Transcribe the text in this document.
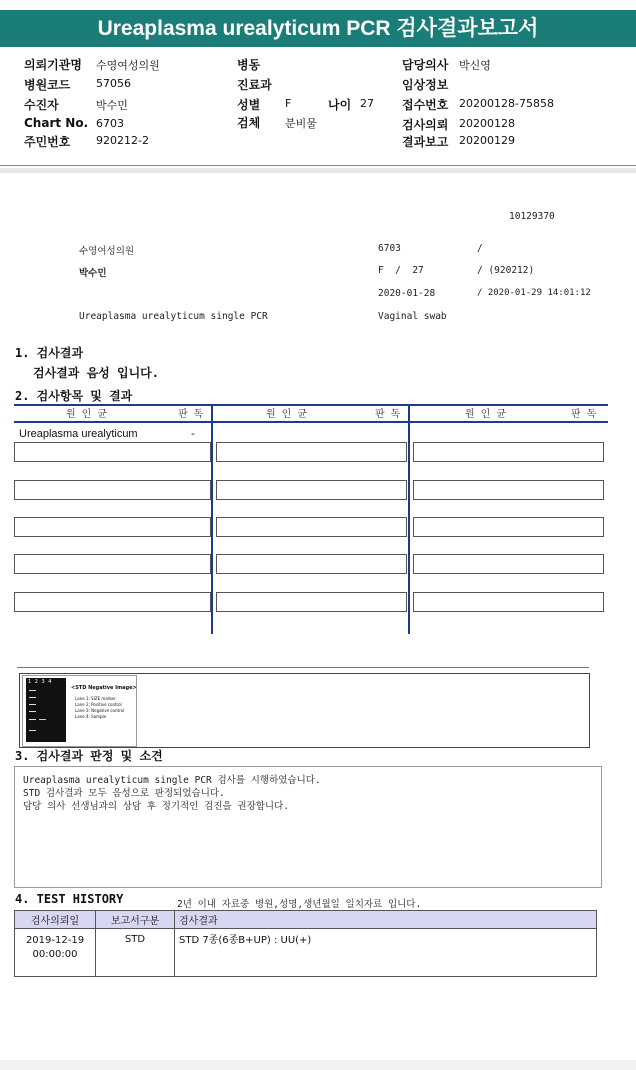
Ureaplasma urealyticum PCR 검사결과보고서
의뢰기관명 수영여성의원
병원코드 57056
수진자	박수민
Chart No. 6703
주민번호 920212-2
병동
진료과
성별 F
검체 분비물
나이 27
담당의사 박신영
임상정보
접수번호 20200128-75858
검사의뢰 20200128
결과보고 20200129
10129370
수영여성의원	6703	/
박수민	F  /  27	/ (920212)
2020-01-28	/ 2020-01-29 14:01:12
Ureaplasma urealyticum single PCR	Vaginal swab
1. 검사결과
검사결과 음성 입니다.
2. 검사항목 및 결과
원 인 균	판 독	원 인 균	판 독	원 인 균	판 독
Ureaplasma urealyticum	-
1 2 3 4
<STD Negative Image>
Lane 1: SIZE marker
Lane 2: Positive control
Lane 3: Negative control
Lane 4: Sample
3. 검사결과 판정 및 소견
Ureaplasma urealyticum single PCR 검사를 시행하였습니다.
STD 검사결과 모두 음성으로 판정되었습니다.
담당 의사 선생님과의 상담 후 정기적인 검진을 권장합니다.
4. TEST HISTORY	2년 이내 자료중 병원,성명,생년월일 일치자료 입니다.
검사의뢰일	보고서구분	검사결과
2019-12-19
00:00:00	STD	STD 7종(6종B+UP) : UU(+)
